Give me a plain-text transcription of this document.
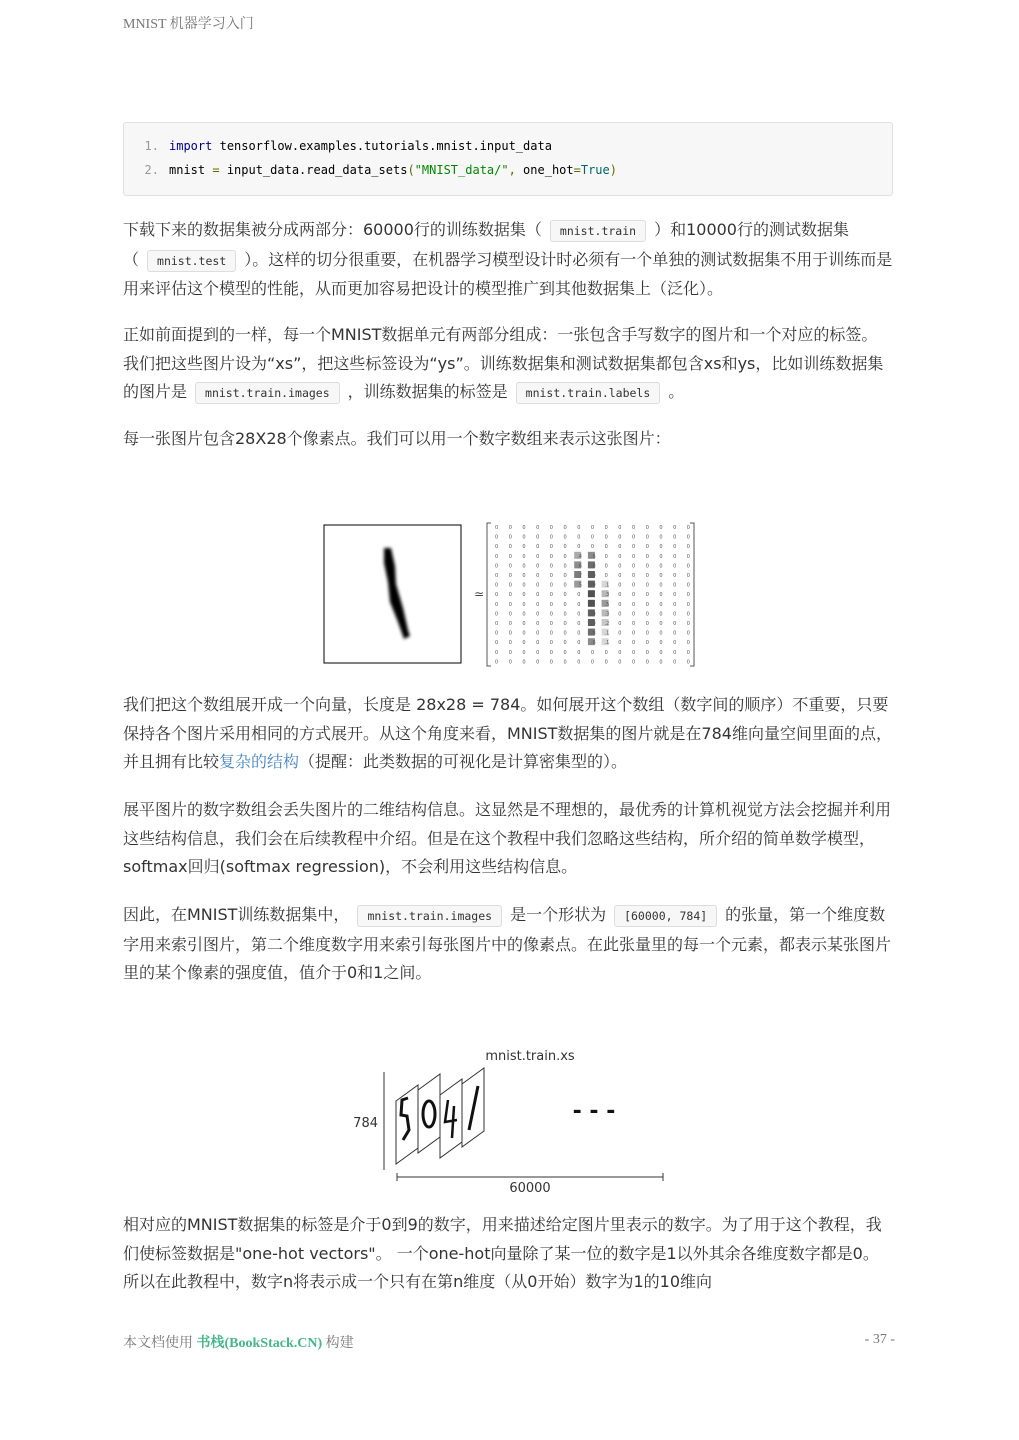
MNIST 机器学习入门
1. import tensorflow.examples.tutorials.mnist.input_data
2. mnist = input_data.read_data_sets("MNIST_data/", one_hot=True)
下载下来的数据集被分成两部分：60000行的训练数据集（ mnist.train ）和10000行的测试数据集（ mnist.test ）。这样的切分很重要，在机器学习模型设计时必须有一个单独的测试数据集不用于训练而是用来评估这个模型的性能，从而更加容易把设计的模型推广到其他数据集上（泛化）。
正如前面提到的一样，每一个MNIST数据单元有两部分组成：一张包含手写数字的图片和一个对应的标签。我们把这些图片设为“xs”，把这些标签设为“ys”。训练数据集和测试数据集都包含xs和ys，比如训练数据集的图片是 mnist.train.images ，训练数据集的标签是 mnist.train.labels 。
每一张图片包含28X28个像素点。我们可以用一个数字数组来表示这张图片：
≃
0 0 0 0 0 0 0 0 0 0 0 0 0 0 0
0 0 0 0 0 0 0 0 0 0 0 0 0 0 0
0 0 0 0 0 0 0 0 0 0 0 0 0 0 0
0 0 0 0 0 0 .4 .6 0 0 0 0 0 0 0
0 0 0 0 0 0 .6 .8 0 0 0 0 0 0 0
0 0 0 0 0 0 .7 .9 0 0 0 0 0 0 0
0 0 0 0 0 0 .5 .9 .1 0 0 0 0 0 0
0 0 0 0 0 0 0 1 .3 0 0 0 0 0 0
0 0 0 0 0 0 0 1 .5 0 0 0 0 0 0
0 0 0 0 0 0 0 .9 .3 0 0 0 0 0 0
0 0 0 0 0 0 0 .9 .2 0 0 0 0 0 0
0 0 0 0 0 0 0 .8 .1 0 0 0 0 0 0
0 0 0 0 0 0 0 .6 .1 0 0 0 0 0 0
0 0 0 0 0 0 0 0 0 0 0 0 0 0 0
0 0 0 0 0 0 0 0 0 0 0 0 0 0 0
我们把这个数组展开成一个向量，长度是 28x28 = 784。如何展开这个数组（数字间的顺序）不重要，只要保持各个图片采用相同的方式展开。从这个角度来看，MNIST数据集的图片就是在784维向量空间里面的点，并且拥有比较复杂的结构（提醒：此类数据的可视化是计算密集型的）。
展平图片的数字数组会丢失图片的二维结构信息。这显然是不理想的，最优秀的计算机视觉方法会挖掘并利用这些结构信息，我们会在后续教程中介绍。但是在这个教程中我们忽略这些结构，所介绍的简单数学模型，softmax回归(softmax regression)，不会利用这些结构信息。
因此，在MNIST训练数据集中， mnist.train.images 是一个形状为 [60000, 784] 的张量，第一个维度数字用来索引图片，第二个维度数字用来索引每张图片中的像素点。在此张量里的每一个元素，都表示某张图片里的某个像素的强度值，值介于0和1之间。
mnist.train.xs
784
60000
- - -
相对应的MNIST数据集的标签是介于0到9的数字，用来描述给定图片里表示的数字。为了用于这个教程，我们使标签数据是"one-hot vectors"。 一个one-hot向量除了某一位的数字是1以外其余各维度数字都是0。所以在此教程中，数字n将表示成一个只有在第n维度（从0开始）数字为1的10维向
本文档使用 书栈(BookStack.CN) 构建	- 37 -
